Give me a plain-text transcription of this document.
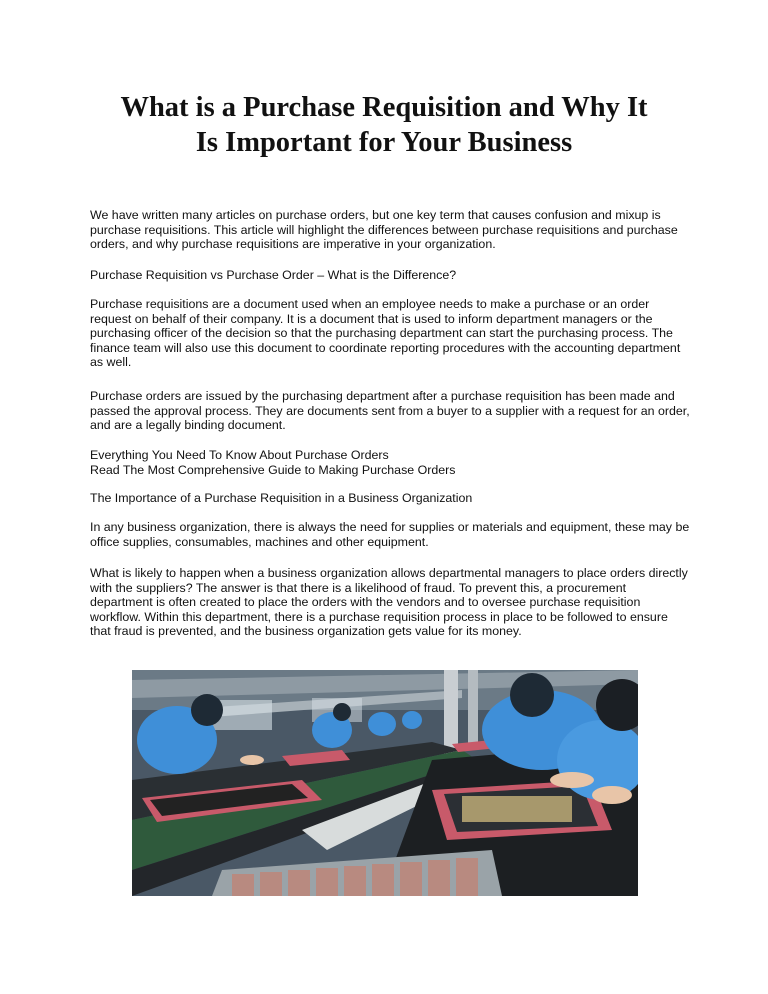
What is a Purchase Requisition and Why It
Is Important for Your Business

We have written many articles on purchase orders, but one key term that causes confusion and mixup is purchase requisitions. This article will highlight the differences between purchase requisitions and purchase orders, and why purchase requisitions are imperative in your organization.

Purchase Requisition vs Purchase Order – What is the Difference?

Purchase requisitions are a document used when an employee needs to make a purchase or an order request on behalf of their company. It is a document that is used to inform department managers or the purchasing officer of the decision so that the purchasing department can start the purchasing process. The finance team will also use this document to coordinate reporting procedures with the accounting department as well.

Purchase orders are issued by the purchasing department after a purchase requisition has been made and passed the approval process. They are documents sent from a buyer to a supplier with a request for an order, and are a legally binding document.

Everything You Need To Know About Purchase Orders
Read The Most Comprehensive Guide to Making Purchase Orders

The Importance of a Purchase Requisition in a Business Organization

In any business organization, there is always the need for supplies or materials and equipment, these may be office supplies, consumables, machines and other equipment.

What is likely to happen when a business organization allows departmental managers to place orders directly with the suppliers? The answer is that there is a likelihood of fraud. To prevent this, a procurement department is often created to place the orders with the vendors and to oversee purchase requisition workflow. Within this department, there is a purchase requisition process in place to be followed to ensure that fraud is prevented, and the business organization gets value for its money.
